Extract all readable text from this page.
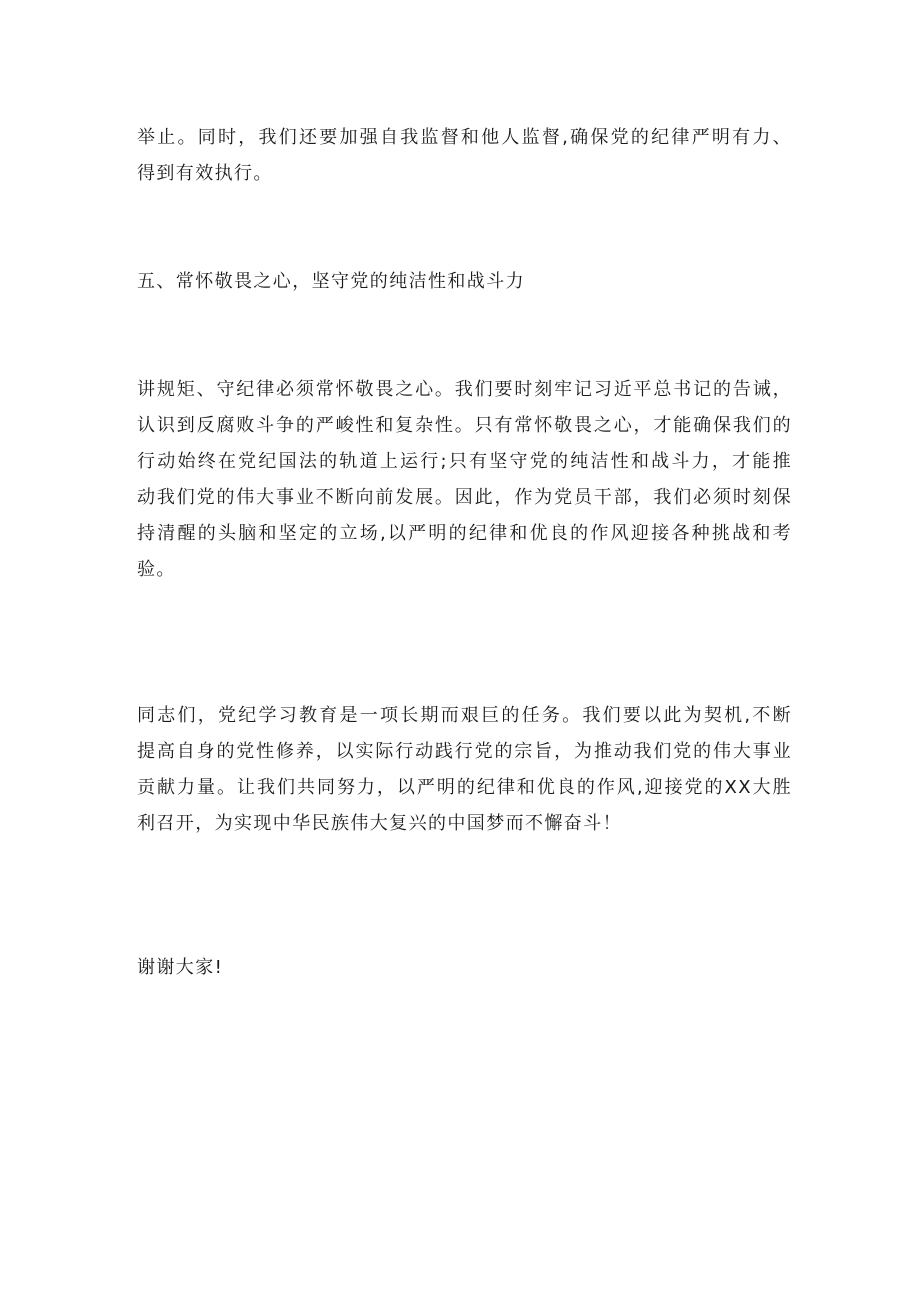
举止。同时，我们还要加强自我监督和他人监督,确保党的纪律严明有力、
得到有效执行。

五、常怀敬畏之心，坚守党的纯洁性和战斗力

讲规矩、守纪律必须常怀敬畏之心。我们要时刻牢记习近平总书记的告诫，
认识到反腐败斗争的严峻性和复杂性。只有常怀敬畏之心，才能确保我们的
行动始终在党纪国法的轨道上运行;只有坚守党的纯洁性和战斗力，才能推
动我们党的伟大事业不断向前发展。因此，作为党员干部，我们必须时刻保
持清醒的头脑和坚定的立场,以严明的纪律和优良的作风迎接各种挑战和考
验。

同志们，党纪学习教育是一项长期而艰巨的任务。我们要以此为契机,不断
提高自身的党性修养，以实际行动践行党的宗旨，为推动我们党的伟大事业
贡献力量。让我们共同努力，以严明的纪律和优良的作风,迎接党的XX大胜
利召开，为实现中华民族伟大复兴的中国梦而不懈奋斗！

谢谢大家!
